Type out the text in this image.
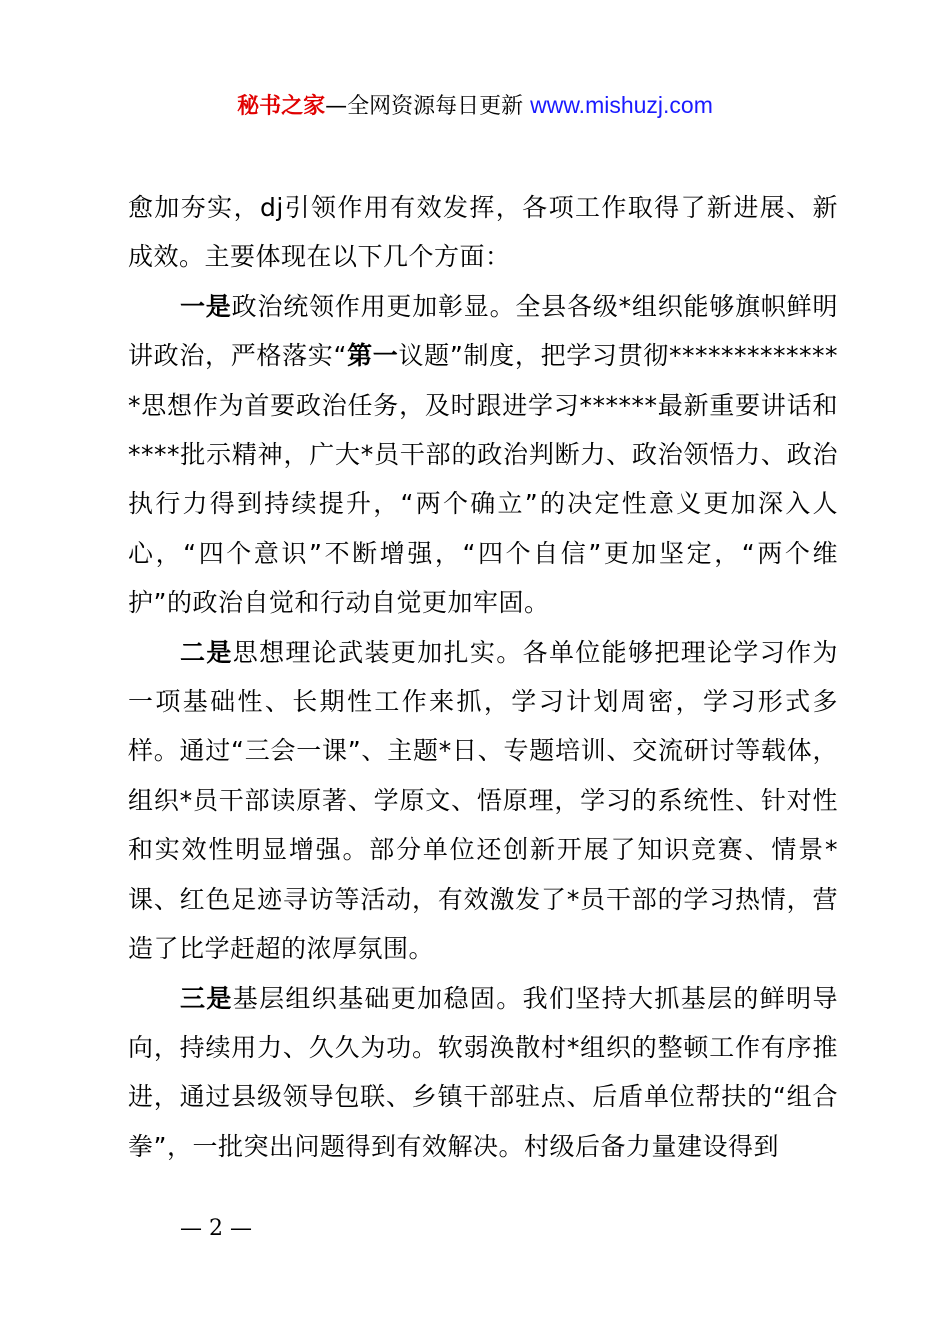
秘书之家—全网资源每日更新 www.mishuzj.com

愈加夯实，dj引领作用有效发挥，各项工作取得了新进展、新成效。主要体现在以下几个方面：

一是政治统领作用更加彰显。全县各级*组织能够旗帜鲜明讲政治，严格落实“第一议题”制度，把学习贯彻**************思想作为首要政治任务，及时跟进学习******最新重要讲话和****批示精神，广大*员干部的政治判断力、政治领悟力、政治执行力得到持续提升，“两个确立”的决定性意义更加深入人心，“四个意识”不断增强，“四个自信”更加坚定，“两个维护”的政治自觉和行动自觉更加牢固。

二是思想理论武装更加扎实。各单位能够把理论学习作为一项基础性、长期性工作来抓，学习计划周密，学习形式多样。通过“三会一课”、主题*日、专题培训、交流研讨等载体，组织*员干部读原著、学原文、悟原理，学习的系统性、针对性和实效性明显增强。部分单位还创新开展了知识竞赛、情景*课、红色足迹寻访等活动，有效激发了*员干部的学习热情，营造了比学赶超的浓厚氛围。

三是基层组织基础更加稳固。我们坚持大抓基层的鲜明导向，持续用力、久久为功。软弱涣散村*组织的整顿工作有序推进，通过县级领导包联、乡镇干部驻点、后盾单位帮扶的“组合拳”，一批突出问题得到有效解决。村级后备力量建设得到

— 2 —
